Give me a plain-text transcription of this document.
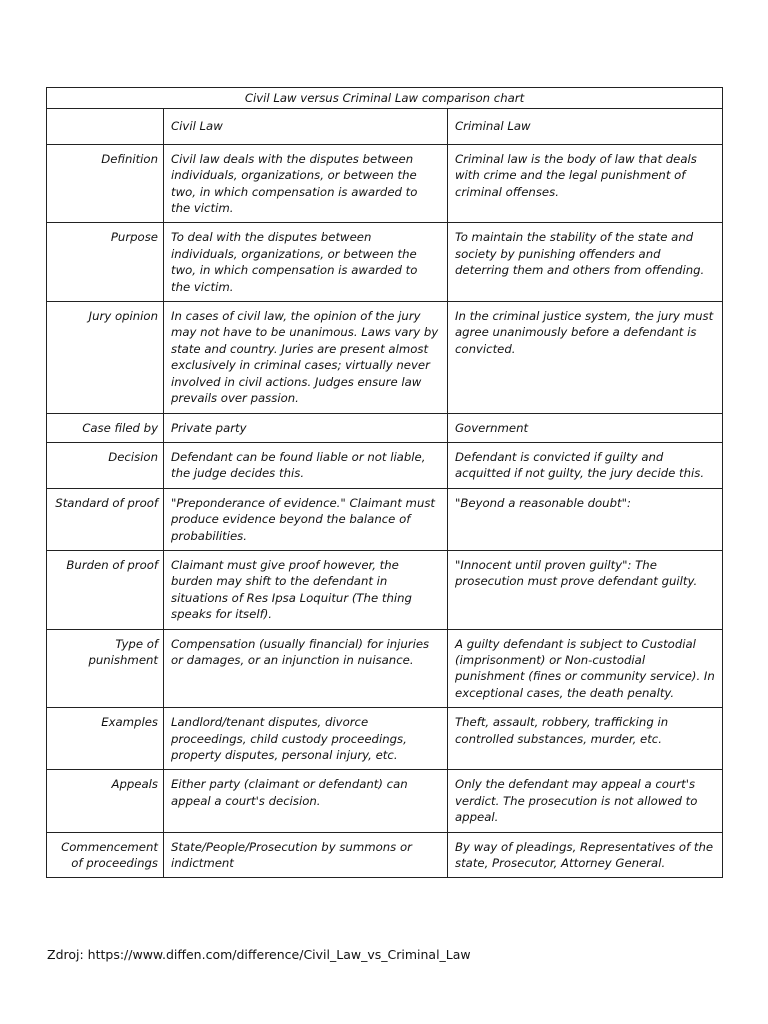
Civil Law versus Criminal Law comparison chart		
	Civil Law	Criminal Law
Definition	Civil law deals with the disputes between individuals, organizations, or between the two, in which compensation is awarded to the victim.	Criminal law is the body of law that deals with crime and the legal punishment of criminal offenses.
Purpose	To deal with the disputes between individuals, organizations, or between the two, in which compensation is awarded to the victim.	To maintain the stability of the state and society by punishing offenders and deterring them and others from offending.
Jury opinion	In cases of civil law, the opinion of the jury may not have to be unanimous. Laws vary by state and country. Juries are present almost exclusively in criminal cases; virtually never involved in civil actions. Judges ensure law prevails over passion.	In the criminal justice system, the jury must agree unanimously before a defendant is convicted.
Case filed by	Private party	Government
Decision	Defendant can be found liable or not liable, the judge decides this.	Defendant is convicted if guilty and acquitted if not guilty, the jury decide this.
Standard of proof	"Preponderance of evidence." Claimant must produce evidence beyond the balance of probabilities.	"Beyond a reasonable doubt":
Burden of proof	Claimant must give proof however, the burden may shift to the defendant in situations of Res Ipsa Loquitur (The thing speaks for itself).	"Innocent until proven guilty": The prosecution must prove defendant guilty.
Type of punishment	Compensation (usually financial) for injuries or damages, or an injunction in nuisance.	A guilty defendant is subject to Custodial (imprisonment) or Non-custodial punishment (fines or community service). In exceptional cases, the death penalty.
Examples	Landlord/tenant disputes, divorce proceedings, child custody proceedings, property disputes, personal injury, etc.	Theft, assault, robbery, trafficking in controlled substances, murder, etc.
Appeals	Either party (claimant or defendant) can appeal a court's decision.	Only the defendant may appeal a court's verdict. The prosecution is not allowed to appeal.
Commencement of proceedings	State/People/Prosecution by summons or indictment	By way of pleadings, Representatives of the state, Prosecutor, Attorney General.
Zdroj: https://www.diffen.com/difference/Civil_Law_vs_Criminal_Law
